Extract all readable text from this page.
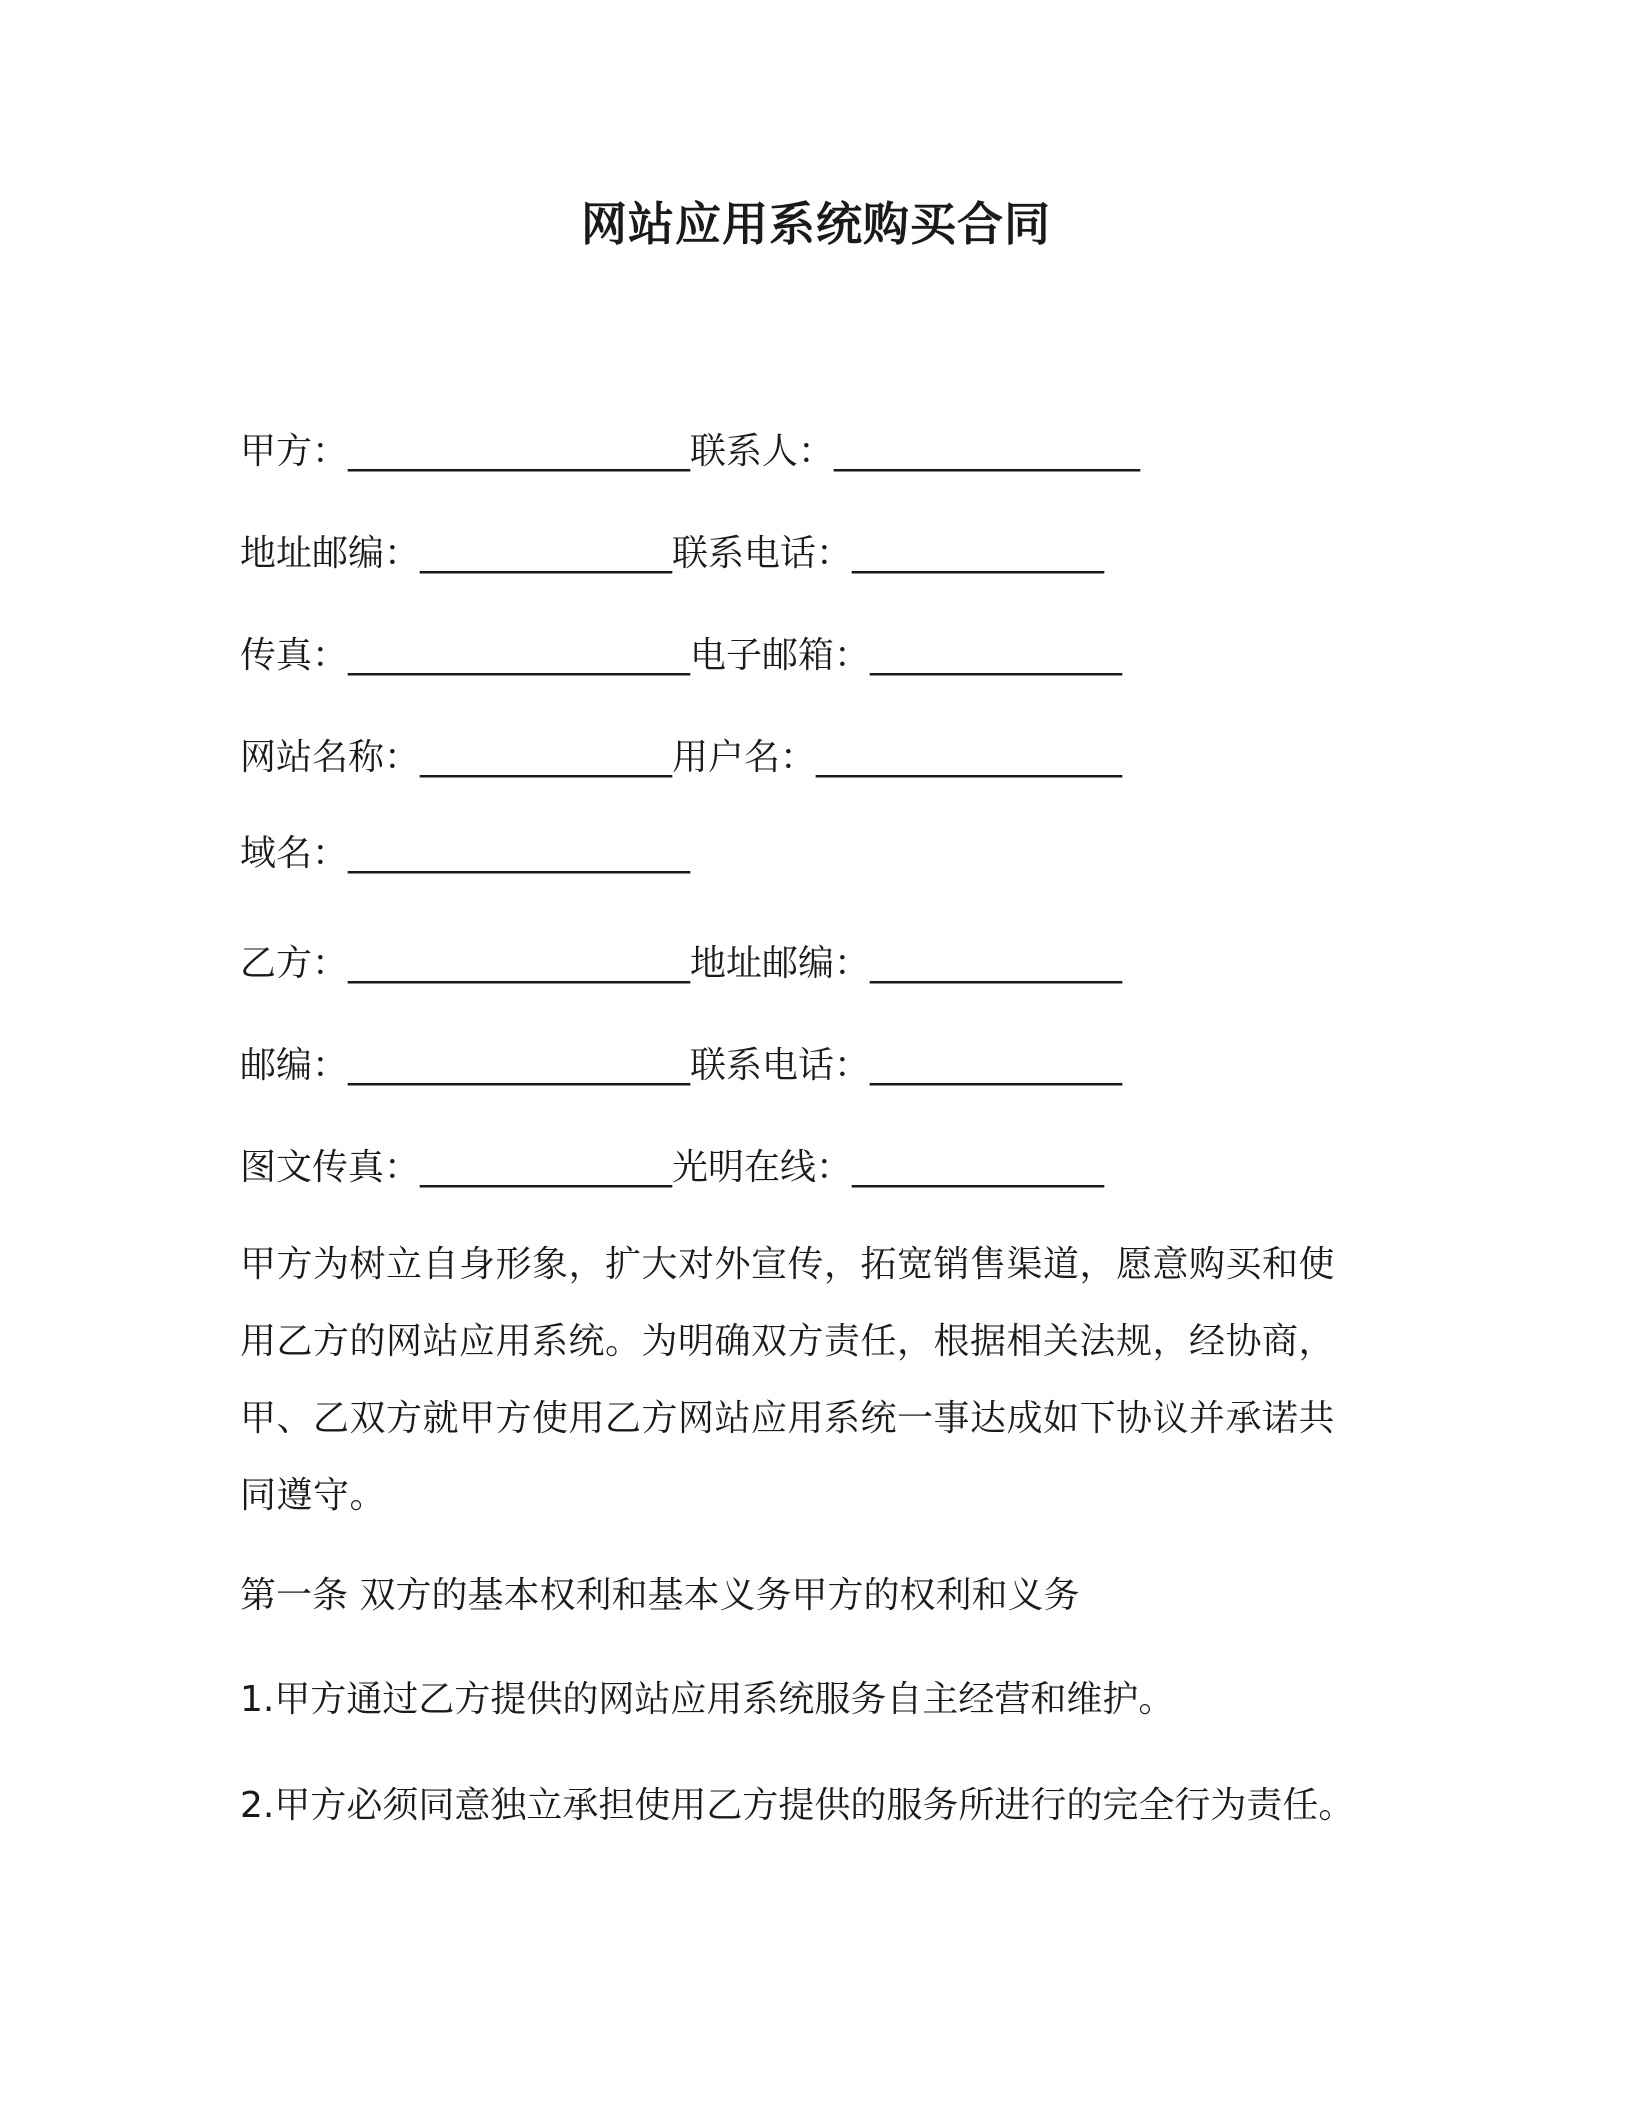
网站应用系统购买合同
甲方：___________________联系人：_________________
地址邮编：______________联系电话：______________
传真：___________________电子邮箱：______________
网站名称：______________用户名：_________________
域名：___________________
乙方：___________________地址邮编：______________
邮编：___________________联系电话：______________
图文传真：______________光明在线：______________
甲方为树立自身形象，扩大对外宣传，拓宽销售渠道，愿意购买和使用乙方的网站应用系统。为明确双方责任，根据相关法规，经协商，甲、乙双方就甲方使用乙方网站应用系统一事达成如下协议并承诺共同遵守。
第一条 双方的基本权利和基本义务甲方的权利和义务
1.甲方通过乙方提供的网站应用系统服务自主经营和维护。
2.甲方必须同意独立承担使用乙方提供的服务所进行的完全行为责任。
